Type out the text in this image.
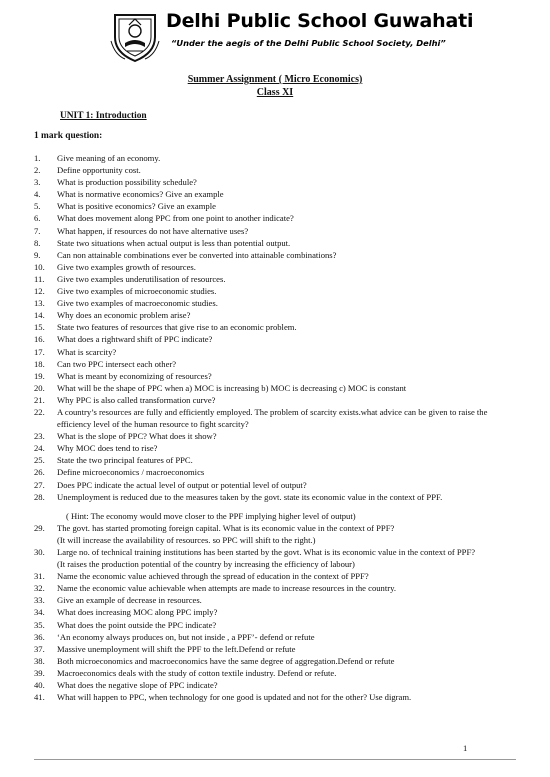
Delhi Public School Guwahati
“Under the aegis of the Delhi Public School Society, Delhi”
Summer Assignment ( Micro Economics)
Class XI
UNIT 1: Introduction
1 mark question:
1.	Give meaning of an economy.
2.	Define opportunity cost.
3.	What is production possibility schedule?
4.	What is normative economics? Give an example
5.	What is positive economics? Give an example
6.	What does movement along PPC from one point to another indicate?
7.	What happen, if resources do not have alternative uses?
8.	State two situations when actual output is less than potential output.
9.	Can non attainable combinations ever be converted into attainable combinations?
10.	Give two examples growth of resources.
11.	Give two examples underutilisation of resources.
12.	Give two examples of microeconomic studies.
13.	Give two examples of macroeconomic studies.
14.	Why does an economic problem arise?
15.	State two features of resources that give rise to an economic problem.
16.	What does a rightward shift of PPC indicate?
17.	What is scarcity?
18.	Can two PPC intersect each other?
19.	What is meant by economizing of resources?
20.	What will be the shape of PPC when a) MOC is increasing b) MOC is decreasing c) MOC is constant
21.	Why PPC is also called transformation curve?
22.	A country’s resources are fully and efficiently employed. The problem of scarcity exists.what advice can be given to raise the efficiency level of the human resource to fight scarcity?
23.	What is the slope of PPC? What does it show?
24.	Why MOC does tend to rise?
25.	State the two principal features of PPC.
26.	Define microeconomics / macroeconomics
27.	Does PPC indicate the actual level of output or potential level of output?
28.	Unemployment is reduced due to the measures taken by the govt. state its economic value in the context of PPF.
( Hint: The economy would move closer to the PPF implying higher level of output)
29.	The govt. has started promoting foreign capital. What is its economic value in the context of PPF?
(It will increase the availability of resources. so PPC will shift to the right.)
30.	Large no. of technical training institutions has been started by the govt. What is its economic value in the context of PPF?
(It raises the production potential of the country by increasing the efficiency of labour)
31.	Name the economic value achieved through the spread of education in the context of PPF?
32.	Name the economic value achievable when attempts are made to increase resources in the country.
33.	Give an example of decrease in resources.
34.	What does increasing MOC along PPC imply?
35.	What does the point outside the PPC indicate?
36.	‘An economy always produces on, but not inside , a PPF’- defend or refute
37.	Massive unemployment will shift the PPF to the left.Defend or refute
38.	Both microeconomics and macroeconomics have the same degree of aggregation.Defend or refute
39.	Macroeconomics deals with the study of cotton textile industry. Defend or refute.
40.	What does the negative slope of PPC indicate?
41.	What will happen to PPC, when technology for one good is updated and not for the other? Use digram.
1
